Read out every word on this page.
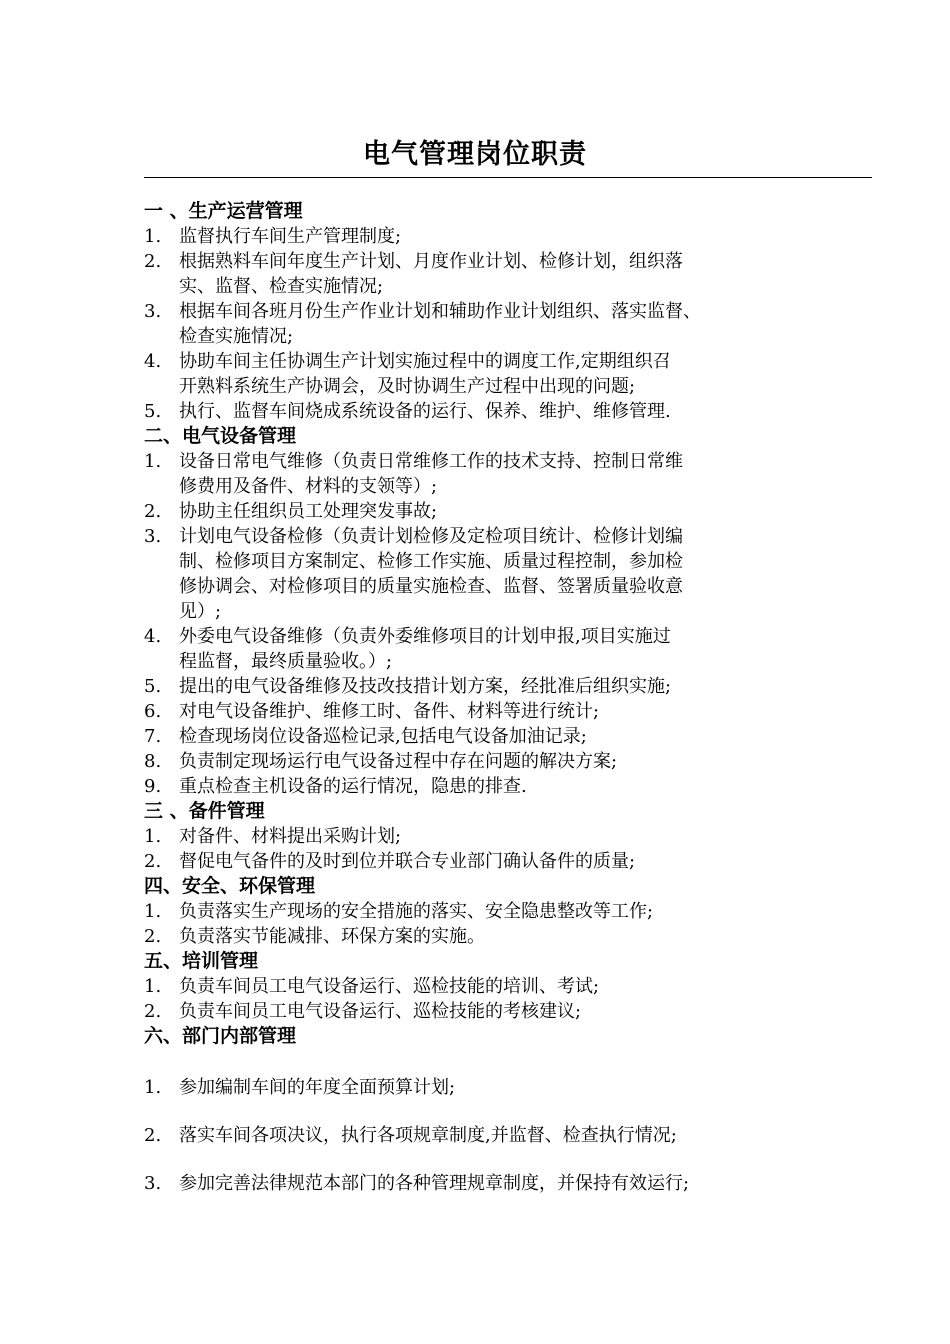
电气管理岗位职责
一 、生产运营管理
1. 监督执行车间生产管理制度;
2. 根据熟料车间年度生产计划、月度作业计划、检修计划，组织落
实、监督、检查实施情况;
3. 根据车间各班月份生产作业计划和辅助作业计划组织、落实监督、
检查实施情况;
4. 协助车间主任协调生产计划实施过程中的调度工作,定期组织召
开熟料系统生产协调会，及时协调生产过程中出现的问题;
5. 执行、监督车间烧成系统设备的运行、保养、维护、维修管理.
二、电气设备管理
1. 设备日常电气维修（负责日常维修工作的技术支持、控制日常维
修费用及备件、材料的支领等）;
2. 协助主任组织员工处理突发事故;
3. 计划电气设备检修（负责计划检修及定检项目统计、检修计划编
制、检修项目方案制定、检修工作实施、质量过程控制，参加检
修协调会、对检修项目的质量实施检查、监督、签署质量验收意
见）;
4. 外委电气设备维修（负责外委维修项目的计划申报,项目实施过
程监督，最终质量验收。）;
5. 提出的电气设备维修及技改技措计划方案，经批准后组织实施;
6. 对电气设备维护、维修工时、备件、材料等进行统计;
7. 检查现场岗位设备巡检记录,包括电气设备加油记录;
8. 负责制定现场运行电气设备过程中存在问题的解决方案;
9. 重点检查主机设备的运行情况，隐患的排查.
三 、备件管理
1. 对备件、材料提出采购计划;
2. 督促电气备件的及时到位并联合专业部门确认备件的质量;
四、安全、环保管理
1. 负责落实生产现场的安全措施的落实、安全隐患整改等工作;
2. 负责落实节能减排、环保方案的实施。
五、培训管理
1. 负责车间员工电气设备运行、巡检技能的培训、考试;
2. 负责车间员工电气设备运行、巡检技能的考核建议;
六、部门内部管理
1. 参加编制车间的年度全面预算计划;
2. 落实车间各项决议，执行各项规章制度,并监督、检查执行情况;
3. 参加完善法律规范本部门的各种管理规章制度，并保持有效运行;
